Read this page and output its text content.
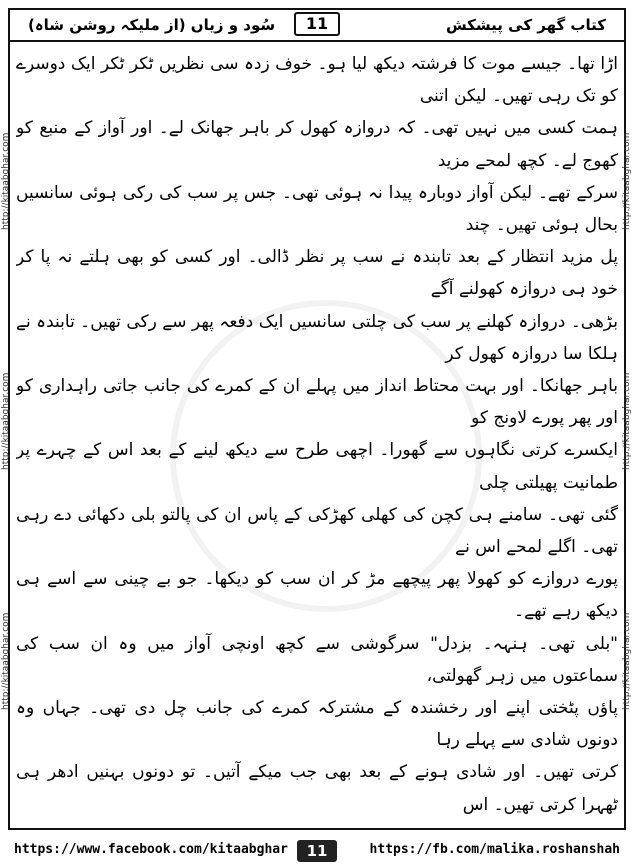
سُود و زیاں (از ملیکہ روشن شاہ)	11	کتاب گھر کی پیشکش

اڑا تھا۔ جیسے موت کا فرشتہ دیکھ لیا ہو۔ خوف زدہ سی نظریں ٹکر ٹکر ایک دوسرے کو تک رہی تھیں۔ لیکن اتنی

ہمت کسی میں نہیں تھی۔ کہ دروازہ کھول کر باہر جھانک لے۔ اور آواز کے منبع کو کھوج لے۔ کچھ لمحے مزید

سرکے تھے۔ لیکن آواز دوبارہ پیدا نہ ہوئی تھی۔ جس پر سب کی رکی ہوئی سانسیں بحال ہوئی تھیں۔ چند

پل مزید انتظار کے بعد تابندہ نے سب پر نظر ڈالی۔ اور کسی کو بھی ہلتے نہ پا کر خود ہی دروازہ کھولنے آگے

بڑھی۔ دروازہ کھلنے پر سب کی چلتی سانسیں ایک دفعہ پھر سے رکی تھیں۔ تابندہ نے ہلکا سا دروازہ کھول کر

باہر جھانکا۔ اور بہت محتاط انداز میں پہلے ان کے کمرے کی جانب جاتی راہداری کو اور پھر پورے لاونج کو

ایکسرے کرتی نگاہوں سے گھورا۔ اچھی طرح سے دیکھ لینے کے بعد اس کے چہرے پر طمانیت پھیلتی چلی

گئی تھی۔ سامنے ہی کچن کی کھلی کھڑکی کے پاس ان کی پالتو بلی دکھائی دے رہی تھی۔ اگلے لمحے اس نے

پورے دروازے کو کھولا پھر پیچھے مڑ کر ان سب کو دیکھا۔ جو بے چینی سے اسے ہی دیکھ رہے تھے۔

"بلی تھی۔ ہنہہ۔ بزدل" سرگوشی سے کچھ اونچی آواز میں وہ ان سب کی سماعتوں میں زہر گھولتی،

پاؤں پٹختی اپنے اور رخشندہ کے مشترکہ کمرے کی جانب چل دی تھی۔ جہاں وہ دونوں شادی سے پہلے رہا

کرتی تھیں۔ اور شادی ہونے کے بعد بھی جب میکے آتیں۔ تو دونوں بہنیں ادھر ہی ٹھہرا کرتی تھیں۔ اس

http://kitaabghar.com
http://kitaabghar.com
http://kitaabghar.com
http://kitaabghar.com
http://kitaabghar.com
http://kitaabghar.com
https://www.facebook.com/kitaabghar	11	https://fb.com/malika.roshanshah
